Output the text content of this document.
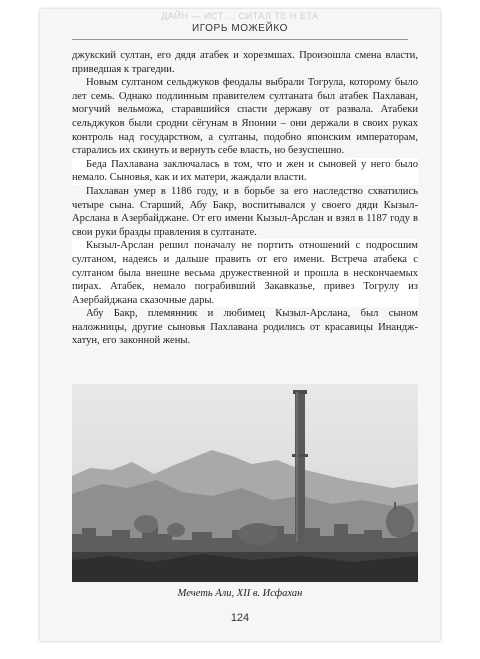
ДАЙН — ИСТ ... СИТАЛ ТЕ Н ЕТА
ИГОРЬ МОЖЕЙКО

джукский султан, его дядя атабек и хорезмшах. Произошла смена власти, приведшая к трагедии.

Новым султаном сельджуков феодалы выбрали Тогрула, которому было лет семь. Однако подлинным правителем султаната был атабек Пахлаван, могучий вельможа, старавшийся спасти державу от развала. Атабеки сельджуков были сродни сёгунам в Японии – они держали в своих руках контроль над государством, а султаны, подобно японским императорам, старались их скинуть и вернуть себе власть, но безуспешно.

Беда Пахлавана заключалась в том, что и жен и сыновей у него было немало. Сыновья, как и их матери, жаждали власти.

Пахлаван умер в 1186 году, и в борьбе за его наследство схватились четыре сына. Старший, Абу Бакр, воспитывался у своего дяди Кызыл-Арслана в Азербайджане. От его имени Кызыл-Арслан и взял в 1187 году в свои руки бразды правления в султанате.

Кызыл-Арслан решил поначалу не портить отношений с подросшим султаном, надеясь и дальше править от его имени. Встреча атабека с султаном была внешне весьма дружественной и прошла в нескончаемых пирах. Атабек, немало пограбивший Закавказье, привез Тогрулу из Азербайджана сказочные дары.

Абу Бакр, племянник и любимец Кызыл-Арслана, был сыном наложницы, другие сыновья Пахлавана родились от красавицы Инандж-хатун, его законной жены.

Мечеть Али, XII в. Исфахан
124
